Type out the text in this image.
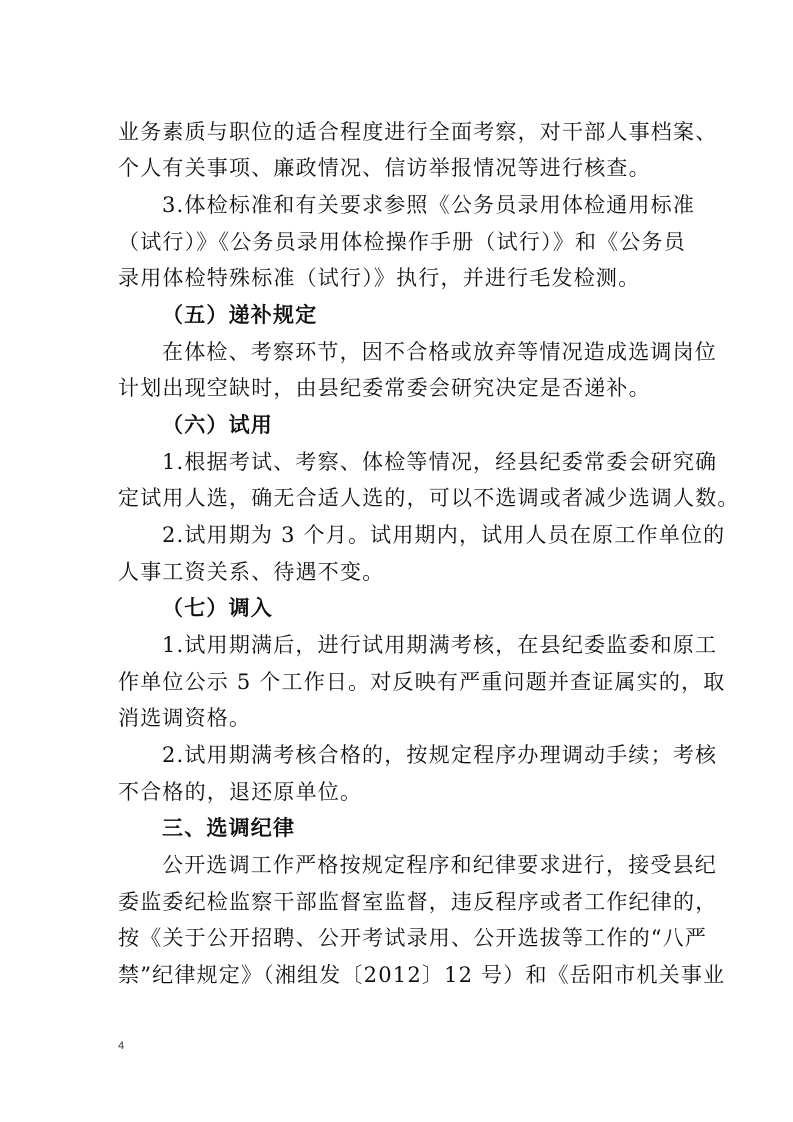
业务素质与职位的适合程度进行全面考察，对干部人事档案、
个人有关事项、廉政情况、信访举报情况等进行核查。
3.体检标准和有关要求参照《公务员录用体检通用标准
（试行）》《公务员录用体检操作手册（试行）》和《公务员
录用体检特殊标准（试行）》执行，并进行毛发检测。
（五）递补规定
在体检、考察环节，因不合格或放弃等情况造成选调岗位
计划出现空缺时，由县纪委常委会研究决定是否递补。
（六）试用
1.根据考试、考察、体检等情况，经县纪委常委会研究确
定试用人选，确无合适人选的，可以不选调或者减少选调人数。
2.试用期为 3 个月。试用期内，试用人员在原工作单位的
人事工资关系、待遇不变。
（七）调入
1.试用期满后，进行试用期满考核，在县纪委监委和原工
作单位公示 5 个工作日。对反映有严重问题并查证属实的，取
消选调资格。
2.试用期满考核合格的，按规定程序办理调动手续；考核
不合格的，退还原单位。
三、选调纪律
公开选调工作严格按规定程序和纪律要求进行，接受县纪
委监委纪检监察干部监督室监督，违反程序或者工作纪律的，
按《关于公开招聘、公开考试录用、公开选拔等工作的“八严
禁”纪律规定》（湘组发〔2012〕12 号）和《岳阳市机关事业
4
